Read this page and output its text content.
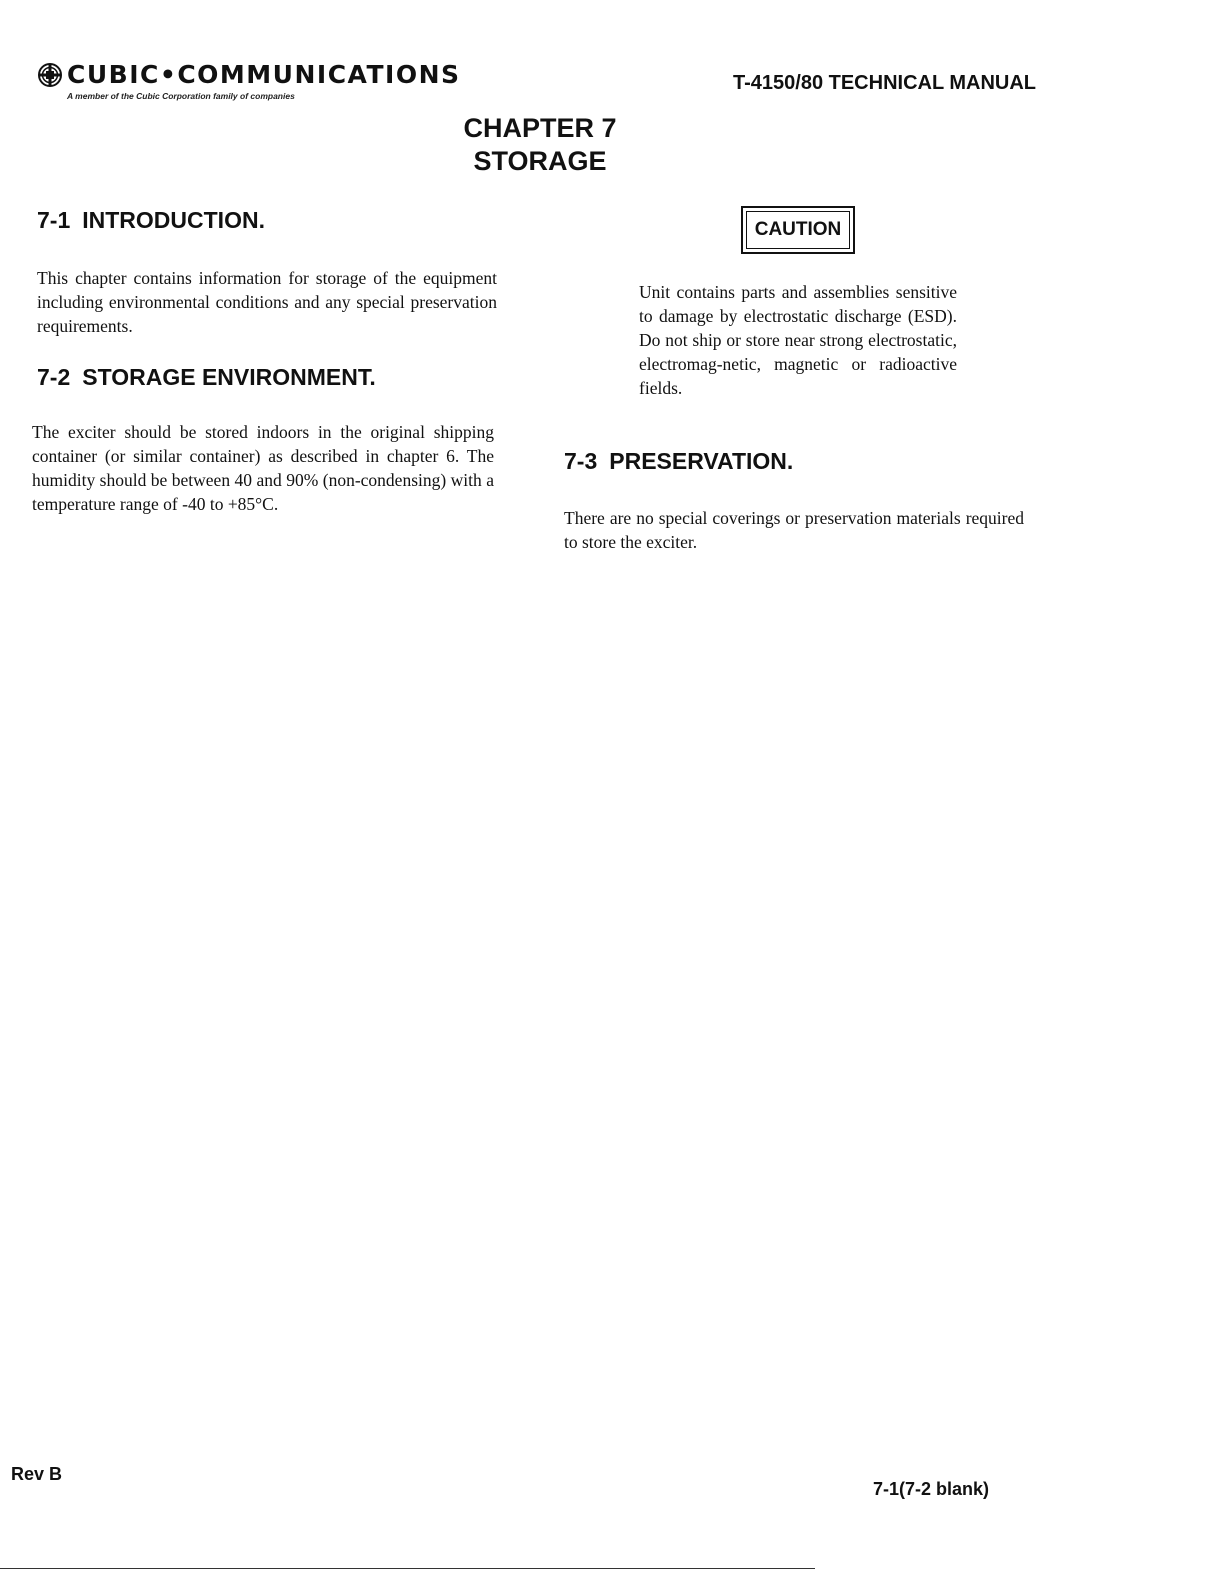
CUBIC•COMMUNICATIONS
A member of the Cubic Corporation family of companies
T-4150/80 TECHNICAL MANUAL
CHAPTER 7
STORAGE
7-1 INTRODUCTION.
This chapter contains information for storage of the equipment including environmental conditions and any special preservation requirements.
7-2 STORAGE ENVIRONMENT.
The exciter should be stored indoors in the original shipping container (or similar container) as described in chapter 6. The humidity should be between 40 and 90% (non-condensing) with a temperature range of -40 to +85°C.
CAUTION
Unit contains parts and assemblies sensitive to damage by electrostatic discharge (ESD). Do not ship or store near strong electrostatic, electromag-netic, magnetic or radioactive fields.
7-3 PRESERVATION.
There are no special coverings or preservation materials required to store the exciter.
Rev B
7-1(7-2 blank)
